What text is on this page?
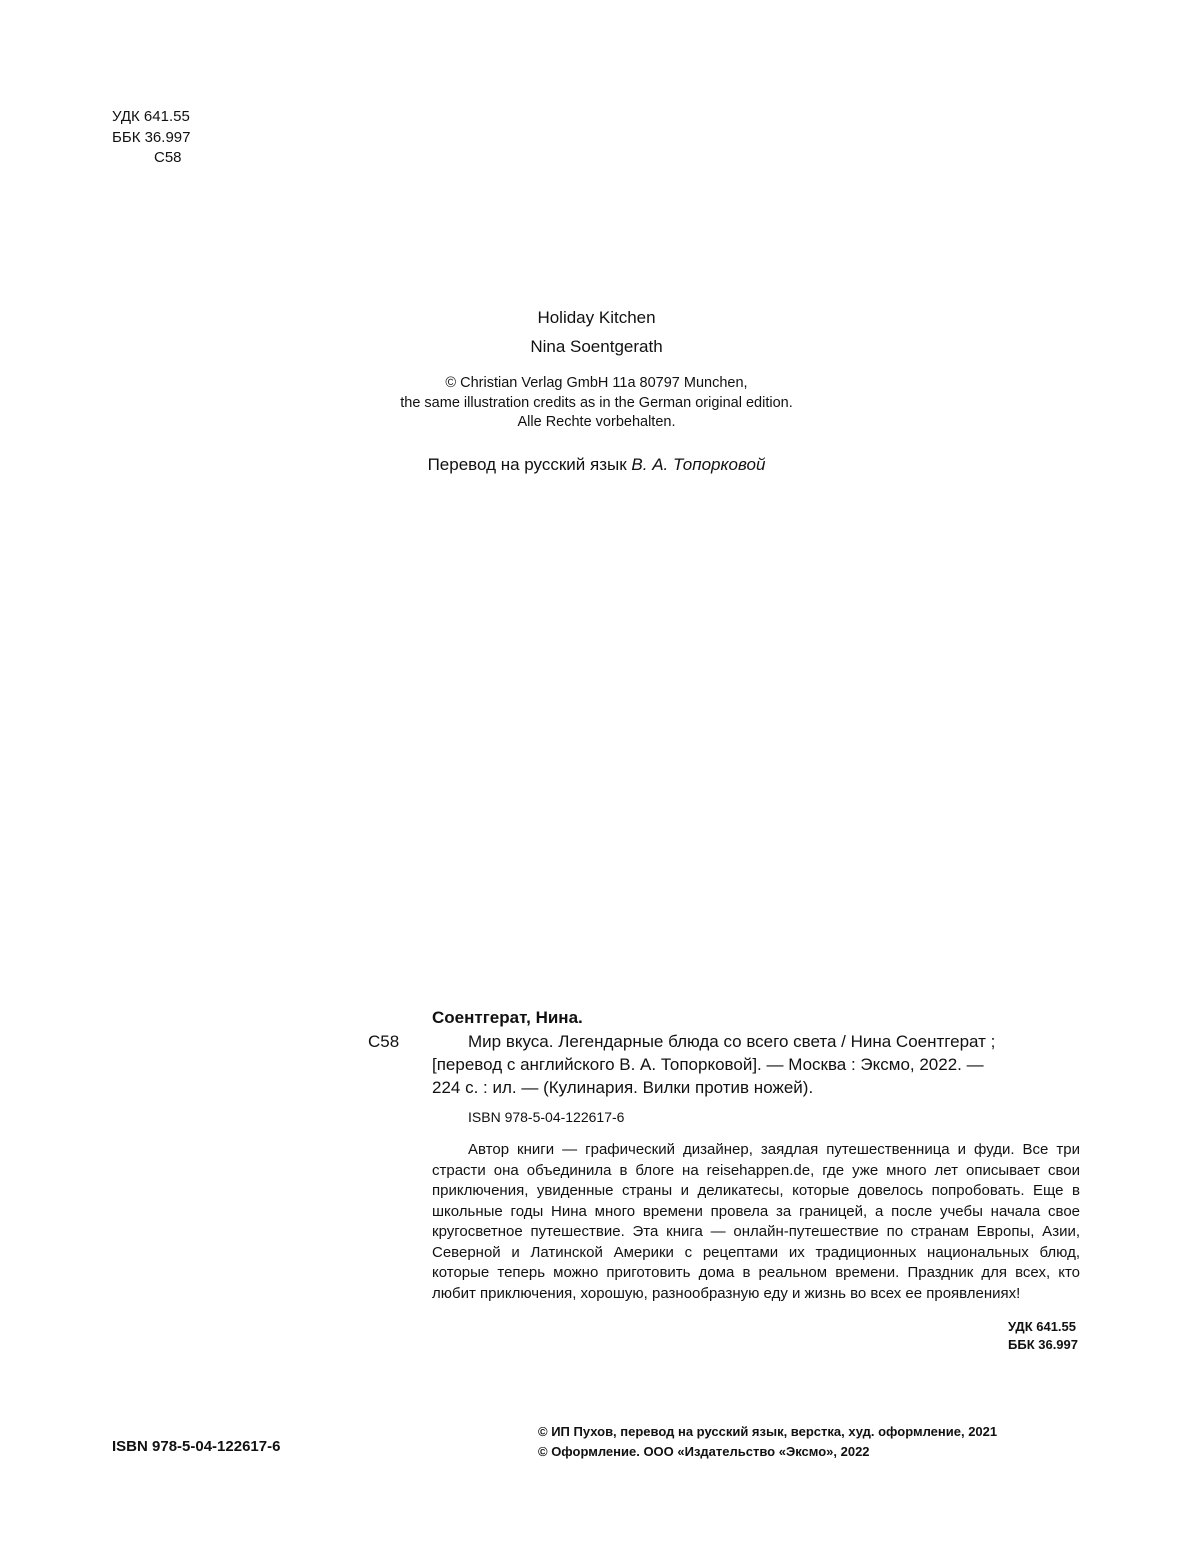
УДК 641.55
ББК 36.997
С58
Holiday Kitchen
Nina Soentgerath
© Christian Verlag GmbH 11a 80797 Munchen,
the same illustration credits as in the German original edition.
Alle Rechte vorbehalten.
Перевод на русский язык В. А. Топорковой
Соентгерат, Нина.
С58	Мир вкуса. Легендарные блюда со всего света / Нина Соентгерат ;
[перевод с английского В. А. Топорковой]. — Москва : Эксмо, 2022. —
224 с. : ил. — (Кулинария. Вилки против ножей).
ISBN 978-5-04-122617-6
Автор книги — графический дизайнер, заядлая путешественница и фуди. Все три страсти она объединила в блоге на reisehappen.de, где уже много лет описывает свои приключения, увиденные страны и деликатесы, которые довелось попробовать. Еще в школьные годы Нина много времени провела за границей, а после учебы начала свое кругосветное путешествие. Эта книга — онлайн-путешествие по странам Европы, Азии, Северной и Латинской Америки с рецептами их традиционных национальных блюд, которые теперь можно приготовить дома в реальном времени. Праздник для всех, кто любит приключения, хорошую, разнообразную еду и жизнь во всех ее проявлениях!
УДК 641.55
ББК 36.997
ISBN 978-5-04-122617-6
© ИП Пухов, перевод на русский язык, верстка, худ. оформление, 2021
© Оформление. ООО «Издательство «Эксмо», 2022
